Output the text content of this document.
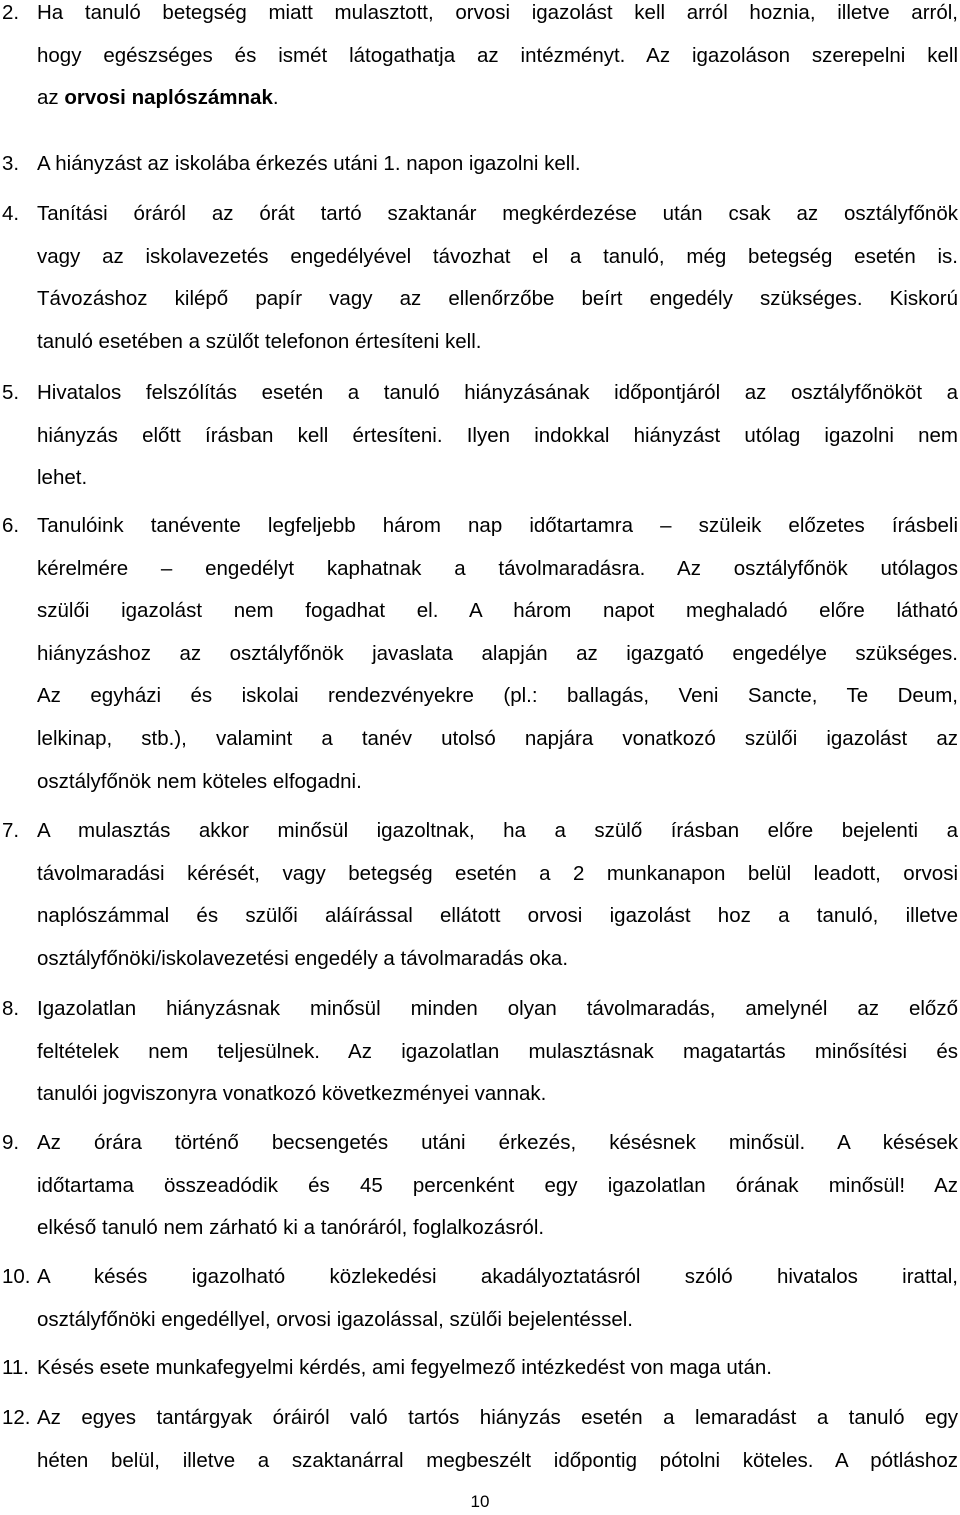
2. Ha tanuló betegség miatt mulasztott, orvosi igazolást kell arról hoznia, illetve arról,
hogy egészséges és ismét látogathatja az intézményt. Az igazoláson szerepelni kell
az orvosi naplószámnak.
3. A hiányzást az iskolába érkezés utáni 1. napon igazolni kell.
4. Tanítási óráról az órát tartó szaktanár megkérdezése után csak az osztályfőnök
vagy az iskolavezetés engedélyével távozhat el a tanuló, még betegség esetén is.
Távozáshoz kilépő papír vagy az ellenőrzőbe beírt engedély szükséges. Kiskorú
tanuló esetében a szülőt telefonon értesíteni kell.
5. Hivatalos felszólítás esetén a tanuló hiányzásának időpontjáról az osztályfőnököt a
hiányzás előtt írásban kell értesíteni. Ilyen indokkal hiányzást utólag igazolni nem
lehet.
6. Tanulóink tanévente legfeljebb három nap időtartamra – szüleik előzetes írásbeli
kérelmére – engedélyt kaphatnak a távolmaradásra. Az osztályfőnök utólagos
szülői igazolást nem fogadhat el. A három napot meghaladó előre látható
hiányzáshoz az osztályfőnök javaslata alapján az igazgató engedélye szükséges.
Az egyházi és iskolai rendezvényekre (pl.: ballagás, Veni Sancte, Te Deum,
lelkinap, stb.), valamint a tanév utolsó napjára vonatkozó szülői igazolást az
osztályfőnök nem köteles elfogadni.
7. A mulasztás akkor minősül igazoltnak, ha a szülő írásban előre bejelenti a
távolmaradási kérését, vagy betegség esetén a 2 munkanapon belül leadott, orvosi
naplószámmal és szülői aláírással ellátott orvosi igazolást hoz a tanuló, illetve
osztályfőnöki/iskolavezetési engedély a távolmaradás oka.
8. Igazolatlan hiányzásnak minősül minden olyan távolmaradás, amelynél az előző
feltételek nem teljesülnek. Az igazolatlan mulasztásnak magatartás minősítési és
tanulói jogviszonyra vonatkozó következményei vannak.
9. Az órára történő becsengetés utáni érkezés, késésnek minősül. A késések
időtartama összeadódik és 45 percenként egy igazolatlan órának minősül! Az
elkéső tanuló nem zárható ki a tanóráról, foglalkozásról.
10. A késés igazolható közlekedési akadályoztatásról szóló hivatalos irattal,
osztályfőnöki engedéllyel, orvosi igazolással, szülői bejelentéssel.
11. Késés esete munkafegyelmi kérdés, ami fegyelmező intézkedést von maga után.
12. Az egyes tantárgyak óráiról való tartós hiányzás esetén a lemaradást a tanuló egy
héten belül, illetve a szaktanárral megbeszélt időpontig pótolni köteles. A pótláshoz
10
